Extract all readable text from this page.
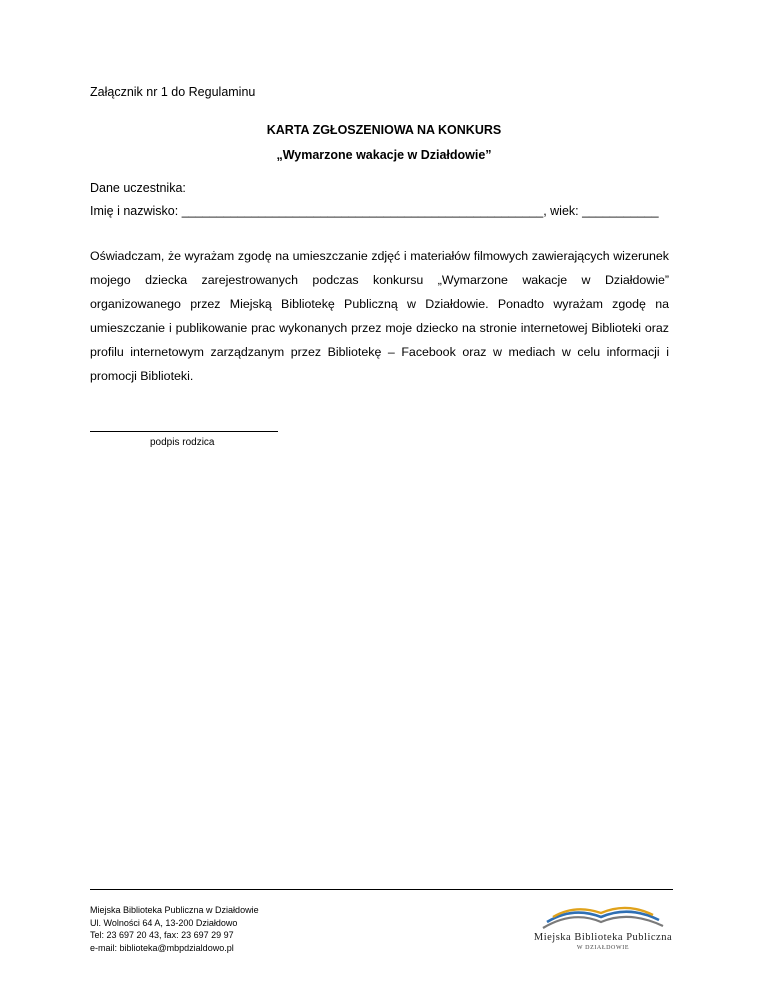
Załącznik nr 1 do Regulaminu
KARTA ZGŁOSZENIOWA NA KONKURS
„Wymarzone wakacje w Działdowie”
Dane uczestnika:
Imię i nazwisko: ____________________________________________________, wiek: ___________
Oświadczam, że wyrażam zgodę na umieszczanie zdjęć i materiałów filmowych zawierających wizerunek mojego dziecka zarejestrowanych podczas konkursu „Wymarzone wakacje w Działdowie” organizowanego przez Miejską Bibliotekę Publiczną w Działdowie. Ponadto wyrażam zgodę na umieszczanie i publikowanie prac wykonanych przez moje dziecko na stronie internetowej Biblioteki oraz profilu internetowym zarządzanym przez Bibliotekę – Facebook oraz w mediach w celu informacji i promocji Biblioteki.
podpis rodzica
Miejska Biblioteka Publiczna w Działdowie
Ul. Wolności 64 A, 13-200 Działdowo
Tel: 23 697 20 43, fax: 23 697 29 97
e-mail: biblioteka@mbpdzialdowo.pl
Miejska Biblioteka Publiczna
W DZIAŁDOWIE
